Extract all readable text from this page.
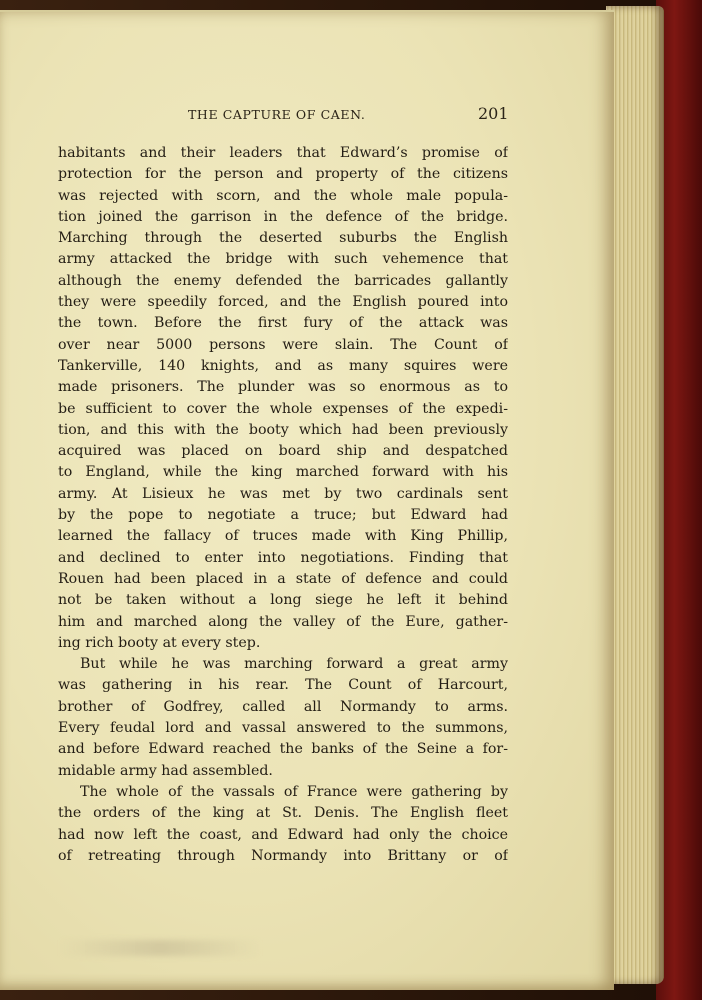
THE CAPTURE OF CAEN.	201
habitants and their leaders that Edward’s promise of
protection for the person and property of the citizens
was rejected with scorn, and the whole male popula-
tion joined the garrison in the defence of the bridge.
Marching through the deserted suburbs the English
army attacked the bridge with such vehemence that
although the enemy defended the barricades gallantly
they were speedily forced, and the English poured into
the town. Before the first fury of the attack was
over near 5000 persons were slain. The Count of
Tankerville, 140 knights, and as many squires were
made prisoners. The plunder was so enormous as to
be sufficient to cover the whole expenses of the expedi-
tion, and this with the booty which had been previously
acquired was placed on board ship and despatched
to England, while the king marched forward with his
army. At Lisieux he was met by two cardinals sent
by the pope to negotiate a truce; but Edward had
learned the fallacy of truces made with King Phillip,
and declined to enter into negotiations. Finding that
Rouen had been placed in a state of defence and could
not be taken without a long siege he left it behind
him and marched along the valley of the Eure, gather-
ing rich booty at every step.
But while he was marching forward a great army
was gathering in his rear. The Count of Harcourt,
brother of Godfrey, called all Normandy to arms.
Every feudal lord and vassal answered to the summons,
and before Edward reached the banks of the Seine a for-
midable army had assembled.
The whole of the vassals of France were gathering by
the orders of the king at St. Denis. The English fleet
had now left the coast, and Edward had only the choice
of retreating through Normandy into Brittany or of
